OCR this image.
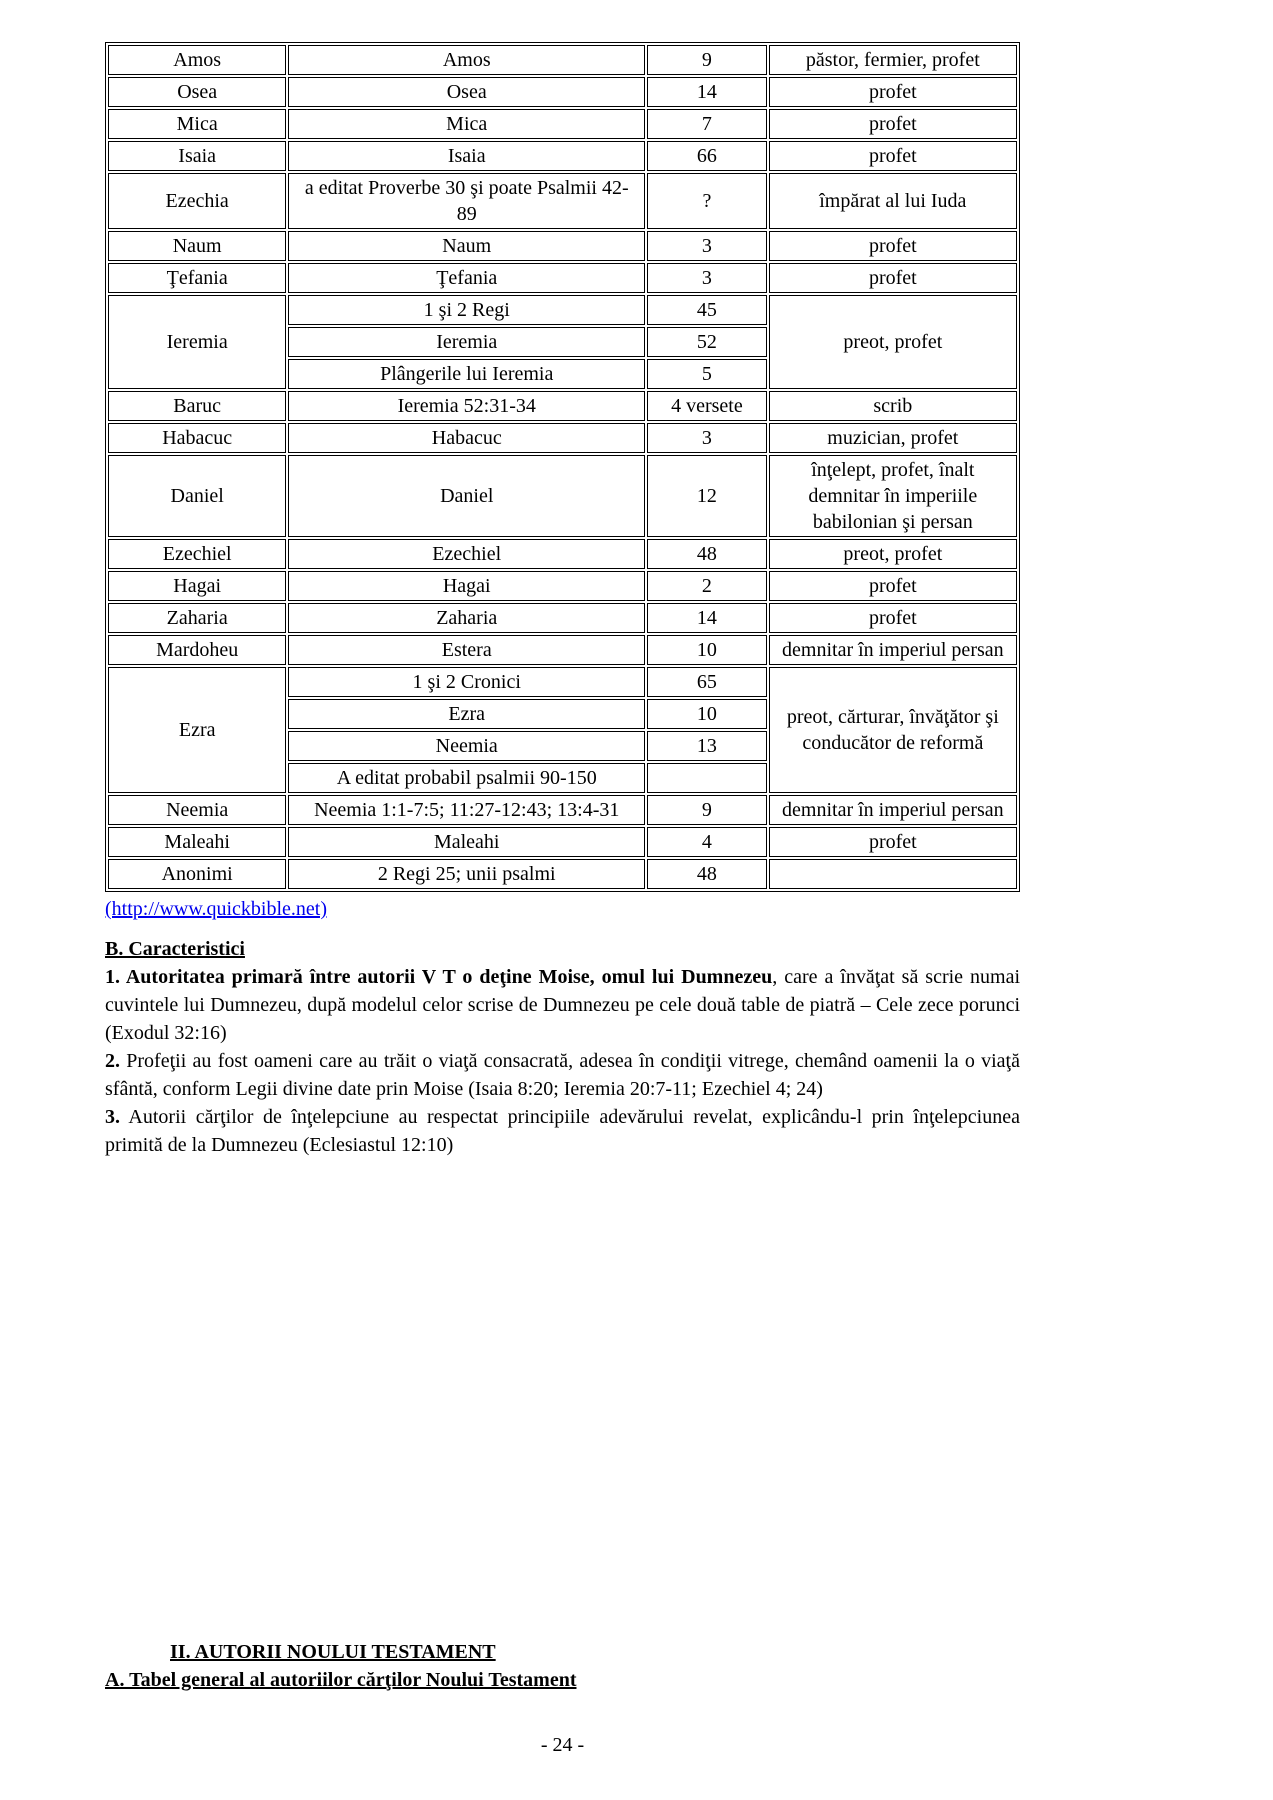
Amos	Amos	9	păstor, fermier, profet
Osea	Osea	14	profet
Mica	Mica	7	profet
Isaia	Isaia	66	profet
Ezechia	a editat Proverbe 30 şi poate Psalmii 42-89	?	împărat al lui Iuda
Naum	Naum	3	profet
Ţefania	Ţefania	3	profet
Ieremia	1 şi 2 Regi	45	preot, profet
	Ieremia	52	
	Plângerile lui Ieremia	5	
Baruc	Ieremia 52:31-34	4 versete	scrib
Habacuc	Habacuc	3	muzician, profet
Daniel	Daniel	12	înţelept, profet, înalt demnitar în imperiile babilonian şi persan
Ezechiel	Ezechiel	48	preot, profet
Hagai	Hagai	2	profet
Zaharia	Zaharia	14	profet
Mardoheu	Estera	10	demnitar în imperiul persan
Ezra	1 şi 2 Cronici	65	preot, cărturar, învăţător şi conducător de reformă
	Ezra	10	
	Neemia	13	
	A editat probabil psalmii 90-150		
Neemia	Neemia 1:1-7:5; 11:27-12:43; 13:4-31	9	demnitar în imperiul persan
Maleahi	Maleahi	4	profet
Anonimi	2 Regi 25; unii psalmi	48	
(http://www.quickbible.net)
B. Caracteristici

1. Autoritatea primară între autorii V T o deţine Moise, omul lui Dumnezeu, care a învăţat să scrie numai cuvintele lui Dumnezeu, după modelul celor scrise de Dumnezeu pe cele două table de piatră – Cele zece porunci (Exodul 32:16)

2. Profeţii au fost oameni care au trăit o viaţă consacrată, adesea în condiţii vitrege, chemând oamenii la o viaţă sfântă, conform Legii divine date prin Moise (Isaia 8:20; Ieremia 20:7-11; Ezechiel 4; 24)

3. Autorii cărţilor de înţelepciune au respectat principiile adevărului revelat, explicându-l prin înţelepciunea primită de la Dumnezeu (Eclesiastul 12:10)

II. AUTORII NOULUI TESTAMENT
A. Tabel general al autoriilor cărţilor Noului Testament
- 24 -
